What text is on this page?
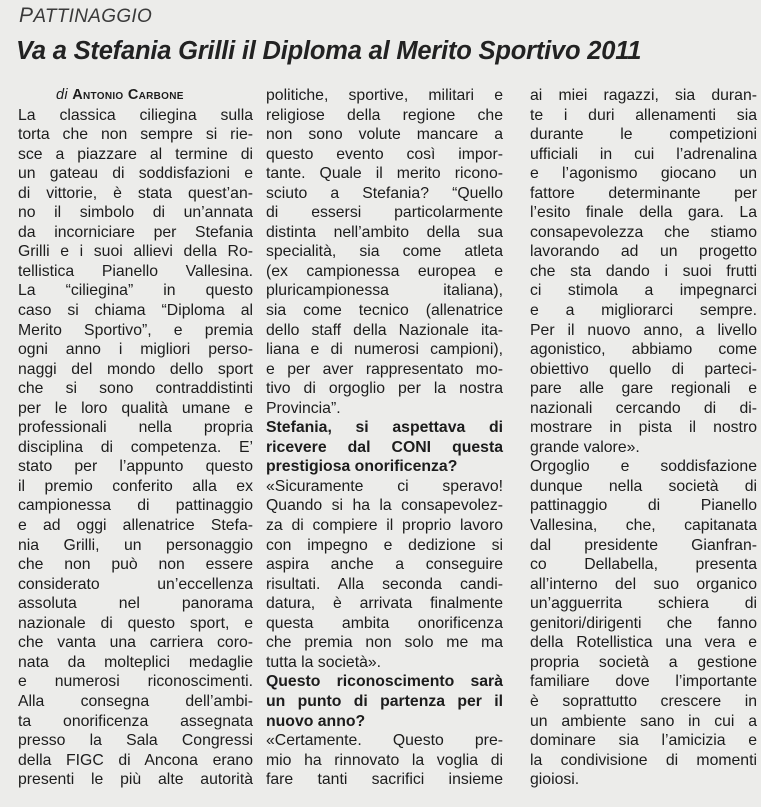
PATTINAGGIO
Va a Stefania Grilli il Diploma al Merito Sportivo 2011
di Antonio Carbone
La classica ciliegina sulla
torta che non sempre si rie-
sce a piazzare al termine di
un gateau di soddisfazioni e
di vittorie, è stata quest’an-
no il simbolo di un’annata
da incorniciare per Stefania
Grilli e i suoi allievi della Ro-
tellistica Pianello Vallesina.
La “ciliegina” in questo
caso si chiama “Diploma al
Merito Sportivo”, e premia
ogni anno i migliori perso-
naggi del mondo dello sport
che si sono contraddistinti
per le loro qualità umane e
professionali nella propria
disciplina di competenza. E’
stato per l’appunto questo
il premio conferito alla ex
campionessa di pattinaggio
e ad oggi allenatrice Stefa-
nia Grilli, un personaggio
che non può non essere
considerato un’eccellenza
assoluta nel panorama
nazionale di questo sport, e
che vanta una carriera coro-
nata da molteplici medaglie
e numerosi riconoscimenti.
Alla consegna dell’ambi-
ta onorificenza assegnata
presso la Sala Congressi
della FIGC di Ancona erano
presenti le più alte autorità
politiche, sportive, militari e
religiose della regione che
non sono volute mancare a
questo evento così impor-
tante. Quale il merito ricono-
sciuto a Stefania? “Quello
di essersi particolarmente
distinta nell’ambito della sua
specialità, sia come atleta
(ex campionessa europea e
pluricampionessa italiana),
sia come tecnico (allenatrice
dello staff della Nazionale ita-
liana e di numerosi campioni),
e per aver rappresentato mo-
tivo di orgoglio per la nostra
Provincia”.
Stefania, si aspettava di
ricevere dal CONI questa
prestigiosa onorificenza?
«Sicuramente ci speravo!
Quando si ha la consapevolez-
za di compiere il proprio lavoro
con impegno e dedizione si
aspira anche a conseguire
risultati. Alla seconda candi-
datura, è arrivata finalmente
questa ambita onorificenza
che premia non solo me ma
tutta la società».
Questo riconoscimento sarà
un punto di partenza per il
nuovo anno?
«Certamente. Questo pre-
mio ha rinnovato la voglia di
fare tanti sacrifici insieme
ai miei ragazzi, sia duran-
te i duri allenamenti sia
durante le competizioni
ufficiali in cui l’adrenalina
e l’agonismo giocano un
fattore determinante per
l’esito finale della gara. La
consapevolezza che stiamo
lavorando ad un progetto
che sta dando i suoi frutti
ci stimola a impegnarci
e a migliorarci sempre.
Per il nuovo anno, a livello
agonistico, abbiamo come
obiettivo quello di parteci-
pare alle gare regionali e
nazionali cercando di di-
mostrare in pista il nostro
grande valore».
Orgoglio e soddisfazione
dunque nella società di
pattinaggio di Pianello
Vallesina, che, capitanata
dal presidente Gianfran-
co Dellabella, presenta
all’interno del suo organico
un’agguerrita schiera di
genitori/dirigenti che fanno
della Rotellistica una vera e
propria società a gestione
familiare dove l’importante
è soprattutto crescere in
un ambiente sano in cui a
dominare sia l’amicizia e
la condivisione di momenti
gioiosi.
